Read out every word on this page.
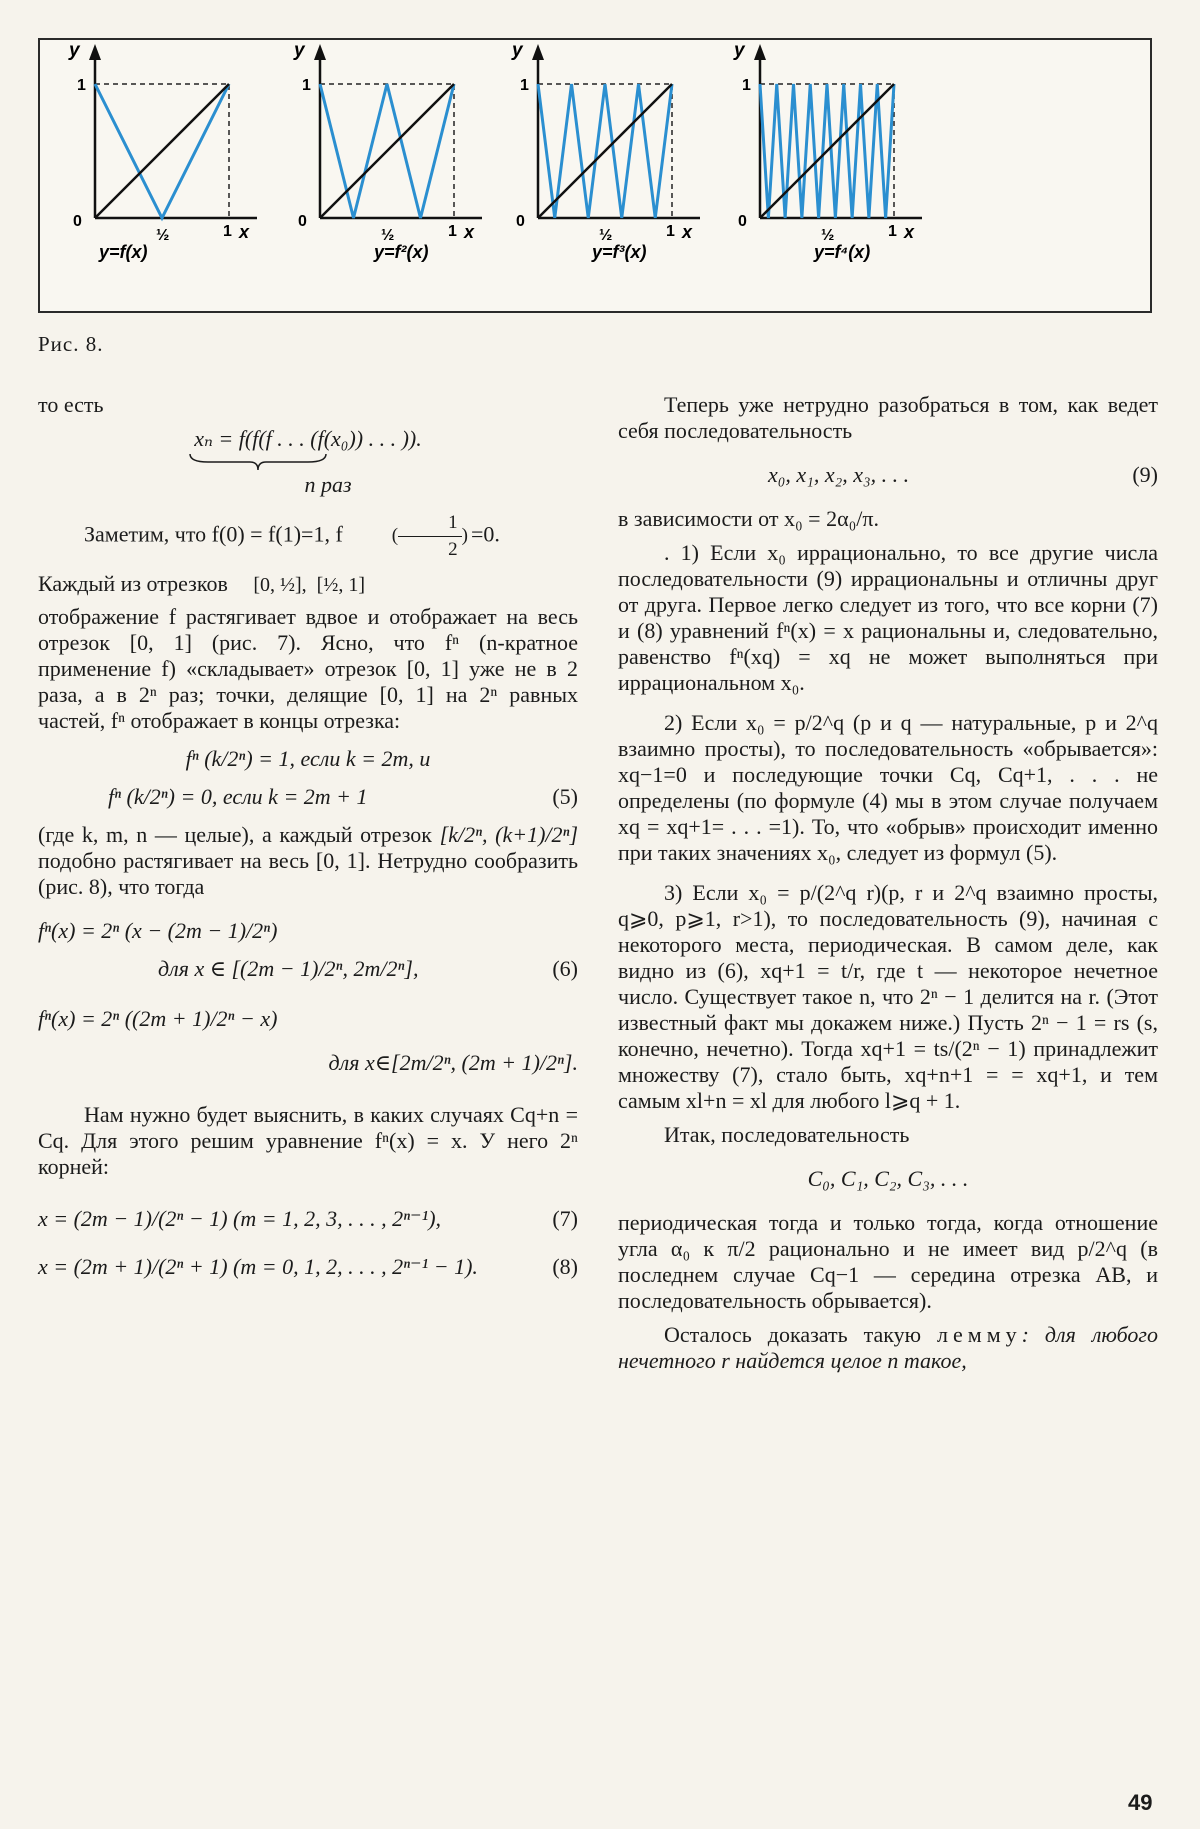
y
1
0
½	1 x
y=f(x)
y
1
0
½	1 x
y=f²(x)
y
1
0
½	1 x
y=f³(x)
y
1
0
½	1 x
y=f⁴(x)
Рис. 8.

то есть

xₙ = f(f(f . . . (f(x₀)) . . . )).
n раз

Заметим, что f(0) = f(1)=1, f	( $\frac{1}{2}$ ) =0.

Каждый из отрезков [0, ½],  [½, 1]
отображение f растягивает вдвое и отображает на весь отрезок [0, 1] (рис. 7). Ясно, что fⁿ (n-кратное применение f) «складывает» отрезок [0, 1] уже не в 2 раза, а в 2ⁿ раз; точки, делящие [0, 1] на 2ⁿ равных частей, fⁿ отображает в концы отрезка:

fⁿ (k/2ⁿ) = 1, если k = 2m, и
fⁿ (k/2ⁿ) = 0, если k = 2m + 1	(5)

(где k, m, n — целые), а каждый отрезок [k/2ⁿ, (k+1)/2ⁿ] подобно растягивает на весь [0, 1]. Нетрудно сообразить (рис. 8), что тогда

fⁿ(x) = 2ⁿ (x − (2m − 1)/2ⁿ)
для x ∈ [(2m − 1)/2ⁿ, 2m/2ⁿ],	(6)
fⁿ(x) = 2ⁿ ((2m + 1)/2ⁿ − x)
для x∈[2m/2ⁿ, (2m + 1)/2ⁿ].

Нам нужно будет выяснить, в каких случаях Cq+n = Cq. Для этого решим уравнение fⁿ(x) = x. У него 2ⁿ корней:

x = (2m − 1)/(2ⁿ − 1) (m = 1, 2, 3, . . . , 2ⁿ⁻¹),	(7)
x = (2m + 1)/(2ⁿ + 1) (m = 0, 1, 2, . . . , 2ⁿ⁻¹ − 1).	(8)

Теперь уже нетрудно разобраться в том, как ведет себя последовательность

x₀, x₁, x₂, x₃, . . .	(9)

в зависимости от x₀ = 2α₀/π.

. 1) Если x₀ иррационально, то все другие числа последовательности (9) иррациональны и отличны друг от друга. Первое легко следует из того, что все корни (7) и (8) уравнений fⁿ(x) = x рациональны и, следовательно, равенство fⁿ(xq) = xq не может выполняться при иррациональном x₀.

2) Если x₀ = p/2^q (p и q — натуральные, p и 2^q взаимно просты), то последовательность «обрывается»: xq−1=0 и последующие точки Cq, Cq+1, . . . не определены (по формуле (4) мы в этом случае получаем xq = xq+1= . . . =1). То, что «обрыв» происходит именно при таких значениях x₀, следует из формул (5).

3) Если x₀ = p/(2^q r)(p, r и 2^q взаимно просты, q⩾0, p⩾1, r>1), то последовательность (9), начиная с некоторого места, периодическая. В самом деле, как видно из (6), xq+1 = t/r, где t — некоторое нечетное число. Существует такое n, что 2ⁿ − 1 делится на r. (Этот известный факт мы докажем ниже.) Пусть 2ⁿ − 1 = rs (s, конечно, нечетно). Тогда xq+1 = ts/(2ⁿ − 1) принадлежит множеству (7), стало быть, xq+n+1 = = xq+1, и тем самым xl+n = xl для любого l⩾q + 1.

Итак, последовательность

C₀, C₁, C₂, C₃, . . .

периодическая тогда и только тогда, когда отношение угла α₀ к π/2 рационально и не имеет вид p/2^q (в последнем случае Cq−1 — середина отрезка AB, и последовательность обрывается).

Осталось доказать такую лемму: для любого нечетного r найдется целое n такое,

49
